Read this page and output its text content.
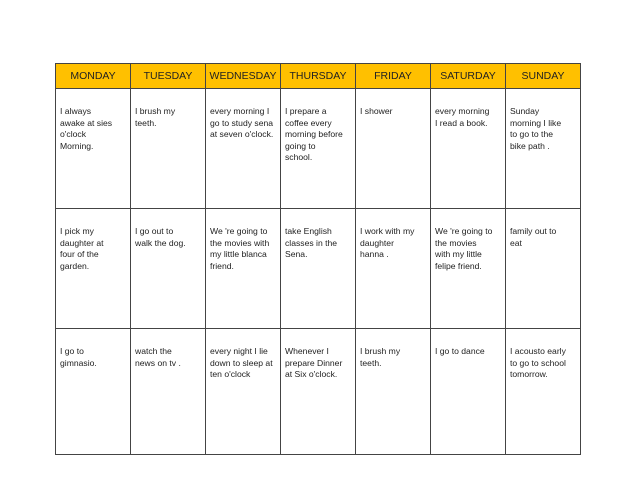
MONDAY	TUESDAY	WEDNESDAY	THURSDAY	FRIDAY	SATURDAY	SUNDAY

I always
awake at sies
o'clock
Morning.	I brush my
teeth.	every morning I
go to study sena
at seven o'clock.	I prepare a
coffee every
morning before
going to
school.	I shower	every morning
I read a book.	Sunday
morning I like
to go to the
bike path .

I pick my
daughter at
four of the
garden.	I go out to
walk the dog.	We 're going to
the movies with
my little blanca
friend.	take English
classes in the
Sena.	I work with my
daughter
hanna .	We 're going to
the movies
with my little
felipe friend.	family out to
eat

I go to
gimnasio.	watch the
news on tv .	every night I lie
down to sleep at
ten o'clock	Whenever I
prepare Dinner
at Six o'clock.	I brush my
teeth.	I go to dance	I acousto early
to go to school
tomorrow.
